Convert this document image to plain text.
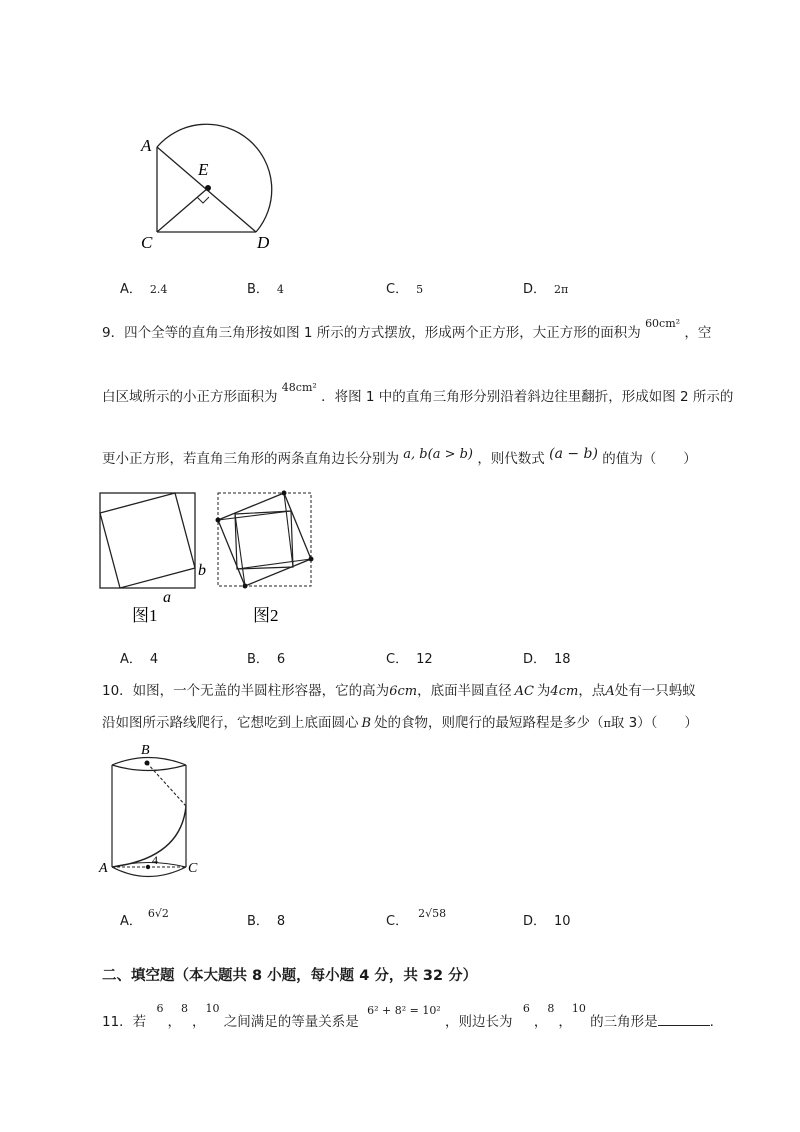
A
E
C	D
A． 2.4	B． 4	C． 5	D． 2π
9．四个全等的直角三角形按如图 1 所示的方式摆放，形成两个正方形，大正方形的面积为 $^{60cm^2}$ ，空
白区域所示的小正方形面积为 $^{48cm^2}$ ．将图 1 中的直角三角形分别沿着斜边往里翻折，形成如图 2 所示的
更小正方形，若直角三角形的两条直角边长分别为 a, b(a > b) ，则代数式 (a − b) 的值为（　　）
b
a
图1	图2
A． 4	B． 6	C． 12	D． 18
10．如图，一个无盖的半圆柱形容器，它的高为6cm，底面半圆直径 AC 为4cm，点A处有一只蚂蚁
沿如图所示路线爬行，它想吃到上底面圆心 B 处的食物，则爬行的最短路程是多少（π取 3）（　　）
B
A	C
4
A．6√2
B． 8	C．2√58
D． 10
二、填空题（本大题共 8 小题，每小题 4 分，共 32 分）
11．若 $^6$，$^8$，$^{10}$ 之间满足的等量关系是 $^{6^2 + 8^2 = 10^2}$ ，则边长为 $^6$，$^8$，$^{10}$ 的三角形是	.
